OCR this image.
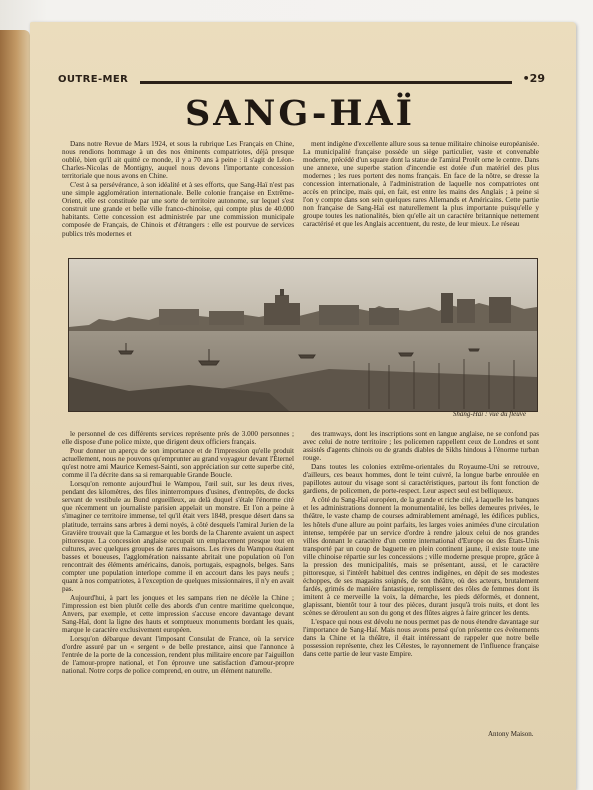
OUTRE-MER	•29
SANG-HAÏ

Dans notre Revue de Mars 1924, et sous la rubrique Les Français en Chine, nous rendions hommage à un des nos éminents compatriotes, déjà presque oublié, bien qu'il ait quitté ce monde, il y a 70 ans à peine : il s'agit de Léon-Charles-Nicolas de Montigny, auquel nous devons l'importante concession territoriale que nous avons en Chine.

C'est à sa persévérance, à son idéalité et à ses efforts, que Sang-Haï n'est pas une simple agglomération internationale. Belle colonie française en Extrême-Orient, elle est constituée par une sorte de territoire autonome, sur lequel s'est construit une grande et belle ville franco-chinoise, qui compte plus de 40.000 habitants. Cette concession est administrée par une commission municipale composée de Français, de Chinois et d'étrangers : elle est pourvue de services publics très modernes et

ment indigène d'excellente allure sous sa tenue militaire chinoise européanisée. La municipalité française possède un siège particulier, vaste et convenable moderne, précédé d'un square dont la statue de l'amiral Protêt orne le centre. Dans une annexe, une superbe station d'incendie est dotée d'un matériel des plus modernes ; les rues portent des noms français. En face de la nôtre, se dresse la concession internationale, à l'administration de laquelle nos compatriotes ont accès en principe, mais qui, en fait, est entre les mains des Anglais ; à peine si l'on y compte dans son sein quelques rares Allemands et Américains. Cette partie non française de Sang-Haï est naturellement la plus importante puisqu'elle y groupe toutes les nationalités, bien qu'elle ait un caractère britannique nettement caractérisé et que les Anglais accentuent, du reste, de leur mieux. Le réseau

Shang-Haï : vue du fleuve

le personnel de ces différents services représente près de 3.000 personnes ; elle dispose d'une police mixte, que dirigent deux officiers français.

Pour donner un aperçu de son importance et de l'impression qu'elle produit actuellement, nous ne pouvons qu'emprunter au grand voyageur devant l'Éternel qu'est notre ami Maurice Kemest-Sainti, son appréciation sur cette superbe cité, comme il l'a décrite dans sa si remarquable Grande Boucle.

Lorsqu'on remonte aujourd'hui le Wampou, l'œil suit, sur les deux rives, pendant des kilomètres, des files ininterrompues d'usines, d'entrepôts, de docks servant de vestibule au Bund orgueilleux, au delà duquel s'étale l'énorme cité que récemment un journaliste parisien appelait un monstre. Et l'on a peine à s'imaginer ce territoire immense, tel qu'il était vers 1848, presque désert dans sa platitude, terrains sans arbres à demi noyés, à côté desquels l'amiral Jurien de la Gravière trouvait que la Camargue et les bords de la Charente avaient un aspect pittoresque. La concession anglaise occupait un emplacement presque tout en cultures, avec quelques groupes de rares maisons. Les rives du Wampou étaient basses et boueuses, l'agglomération naissante abritait une population où l'on rencontrait des éléments américains, danois, portugais, espagnols, belges. Sans compter une population interlope comme il en accourt dans les pays neufs ; quant à nos compatriotes, à l'exception de quelques missionnaires, il n'y en avait pas.

Aujourd'hui, à part les jonques et les sampans rien ne décèle la Chine ; l'impression est bien plutôt celle des abords d'un centre maritime quelconque, Anvers, par exemple, et cette impression s'accuse encore davantage devant Sang-Haï, dont la ligne des hauts et somptueux monuments bordant les quais, marque le caractère exclusivement européen.

Lorsqu'on débarque devant l'imposant Consulat de France, où la service d'ordre assuré par un « sergent » de belle prestance, ainsi que l'annonce à l'entrée de la porte de la concession, rendent plus militaire encore par l'aiguillon de l'amour-propre national, et l'on éprouve une satisfaction d'amour-propre national. Notre corps de police comprend, en outre, un élément naturelle.

des tramways, dont les inscriptions sont en langue anglaise, ne se confond pas avec celui de notre territoire ; les policemen rappellent ceux de Londres et sont assistés d'agents chinois ou de grands diables de Sikhs hindous à l'énorme turban rouge.

Dans toutes les colonies extrême-orientales du Royaume-Uni se retrouve, d'ailleurs, ces beaux hommes, dont le teint cuivré, la longue barbe enroulée en papillotes autour du visage sont si caractéristiques, partout ils font fonction de gardiens, de policemen, de porte-respect. Leur aspect seul est belliqueux.

A côté du Sang-Haï européen, de la grande et riche cité, à laquelle les banques et les administrations donnent la monumentalité, les belles demeures privées, le théâtre, le vaste champ de courses admirablement aménagé, les édifices publics, les hôtels d'une allure au point parfaits, les larges voies animées d'une circulation intense, tempérée par un service d'ordre à rendre jaloux celui de nos grandes villes donnant le caractère d'un centre international d'Europe ou des États-Unis transporté par un coup de baguette en plein continent jaune, il existe toute une ville chinoise répartie sur les concessions ; ville moderne presque propre, grâce à la pression des municipalités, mais se présentant, aussi, et le caractère pittoresque, si l'intérêt habituel des centres indigènes, en dépit de ses modestes échoppes, de ses magasins soignés, de son théâtre, où des acteurs, brutalement fardés, grimés de manière fantastique, remplissent des rôles de femmes dont ils imitent à ce merveille la voix, la démarche, les pieds déformés, et donnent, glapissant, bientôt tour à tour des pièces, durant jusqu'à trois nuits, et dont les scènes se déroulent au son du gong et des flûtes aigres à faire grincer les dents.

L'espace qui nous est dévolu ne nous permet pas de nous étendre davantage sur l'importance de Sang-Haï. Mais nous avons pensé qu'on présente ces événements dans la Chine et la théâtre, il était intéressant de rappeler que notre belle possession représente, chez les Célestes, le rayonnement de l'influence française dans cette partie de leur vaste Empire.

Antony Maison.
